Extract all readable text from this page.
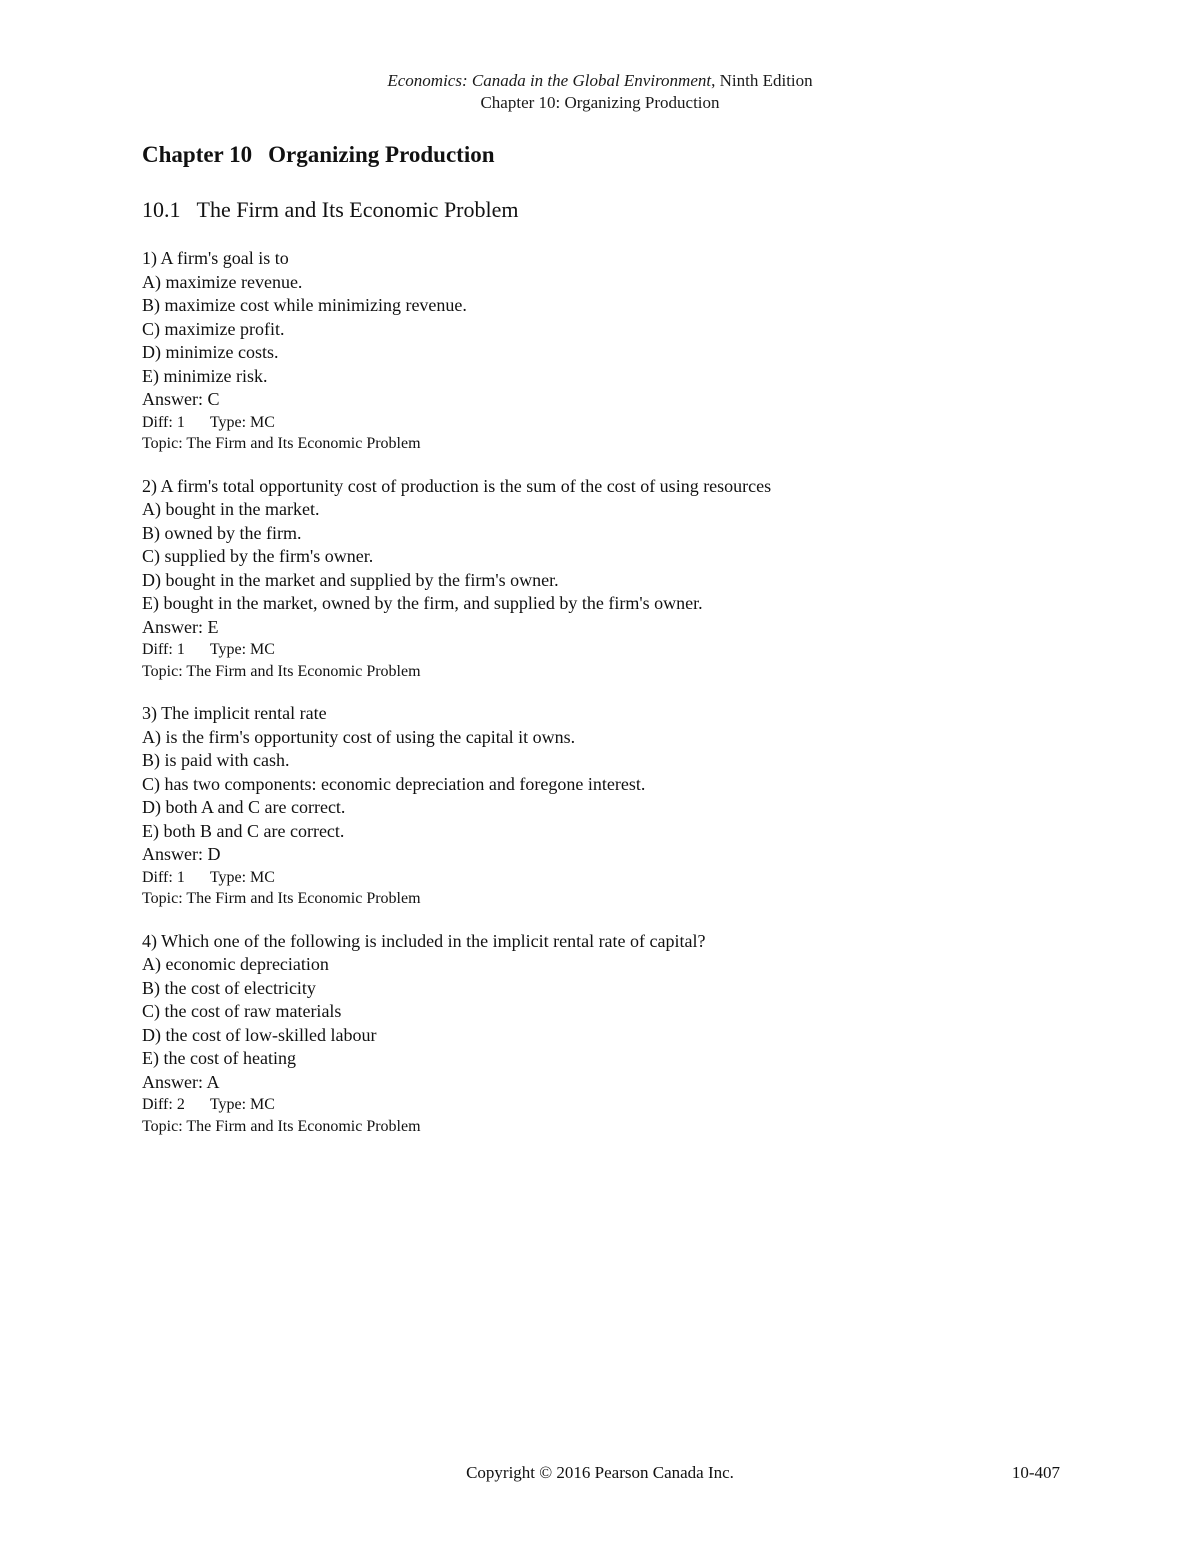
Economics: Canada in the Global Environment, Ninth Edition
Chapter 10: Organizing Production
Chapter 10 Organizing Production
10.1 The Firm and Its Economic Problem
1) A firm's goal is to
A) maximize revenue.
B) maximize cost while minimizing revenue.
C) maximize profit.
D) minimize costs.
E) minimize risk.
Answer: C
Diff: 1 Type: MC
Topic: The Firm and Its Economic Problem
2) A firm's total opportunity cost of production is the sum of the cost of using resources
A) bought in the market.
B) owned by the firm.
C) supplied by the firm's owner.
D) bought in the market and supplied by the firm's owner.
E) bought in the market, owned by the firm, and supplied by the firm's owner.
Answer: E
Diff: 1 Type: MC
Topic: The Firm and Its Economic Problem
3) The implicit rental rate
A) is the firm's opportunity cost of using the capital it owns.
B) is paid with cash.
C) has two components: economic depreciation and foregone interest.
D) both A and C are correct.
E) both B and C are correct.
Answer: D
Diff: 1 Type: MC
Topic: The Firm and Its Economic Problem
4) Which one of the following is included in the implicit rental rate of capital?
A) economic depreciation
B) the cost of electricity
C) the cost of raw materials
D) the cost of low-skilled labour
E) the cost of heating
Answer: A
Diff: 2 Type: MC
Topic: The Firm and Its Economic Problem
Copyright © 2016 Pearson Canada Inc.	10-407
